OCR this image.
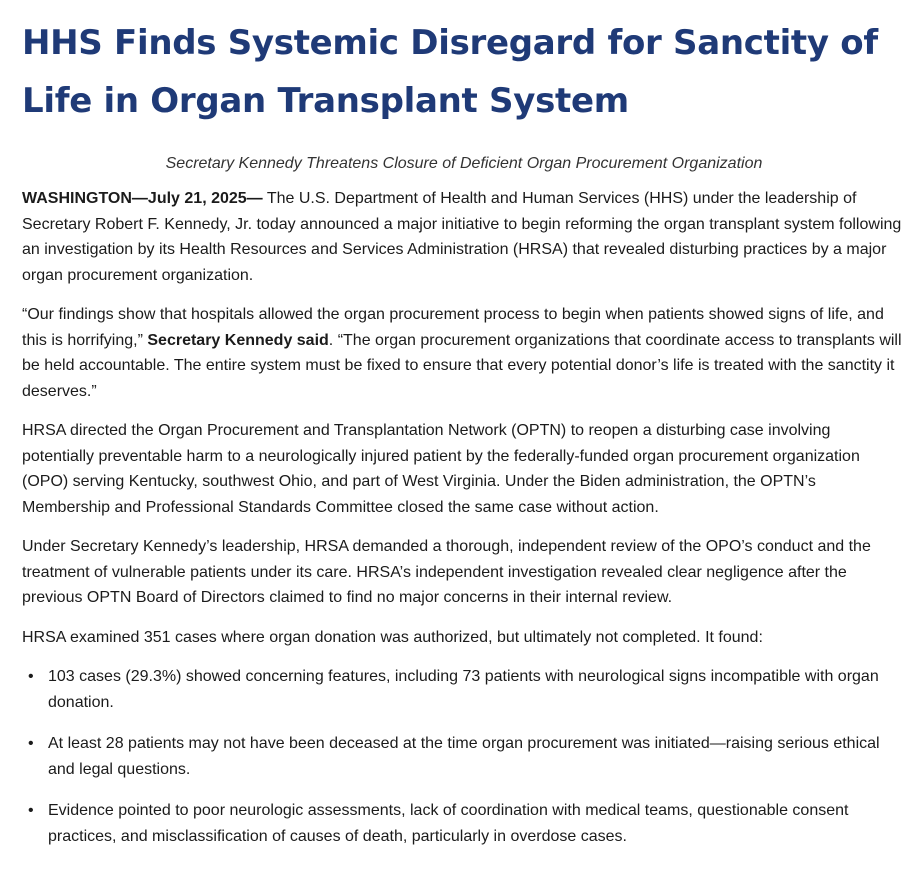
HHS Finds Systemic Disregard for Sanctity of Life in Organ Transplant System
Secretary Kennedy Threatens Closure of Deficient Organ Procurement Organization

WASHINGTON—July 21, 2025— The U.S. Department of Health and Human Services (HHS) under the leadership of Secretary Robert F. Kennedy, Jr. today announced a major initiative to begin reforming the organ transplant system following an investigation by its Health Resources and Services Administration (HRSA) that revealed disturbing practices by a major organ procurement organization.

“Our findings show that hospitals allowed the organ procurement process to begin when patients showed signs of life, and this is horrifying,” Secretary Kennedy said. “The organ procurement organizations that coordinate access to transplants will be held accountable. The entire system must be fixed to ensure that every potential donor’s life is treated with the sanctity it deserves.”

HRSA directed the Organ Procurement and Transplantation Network (OPTN) to reopen a disturbing case involving potentially preventable harm to a neurologically injured patient by the federally-funded organ procurement organization (OPO) serving Kentucky, southwest Ohio, and part of West Virginia. Under the Biden administration, the OPTN’s Membership and Professional Standards Committee closed the same case without action.

Under Secretary Kennedy’s leadership, HRSA demanded a thorough, independent review of the OPO’s conduct and the treatment of vulnerable patients under its care. HRSA’s independent investigation revealed clear negligence after the previous OPTN Board of Directors claimed to find no major concerns in their internal review.

HRSA examined 351 cases where organ donation was authorized, but ultimately not completed. It found:

• 103 cases (29.3%) showed concerning features, including 73 patients with neurological signs incompatible with organ donation.
• At least 28 patients may not have been deceased at the time organ procurement was initiated—raising serious ethical and legal questions.
• Evidence pointed to poor neurologic assessments, lack of coordination with medical teams, questionable consent practices, and misclassification of causes of death, particularly in overdose cases.
